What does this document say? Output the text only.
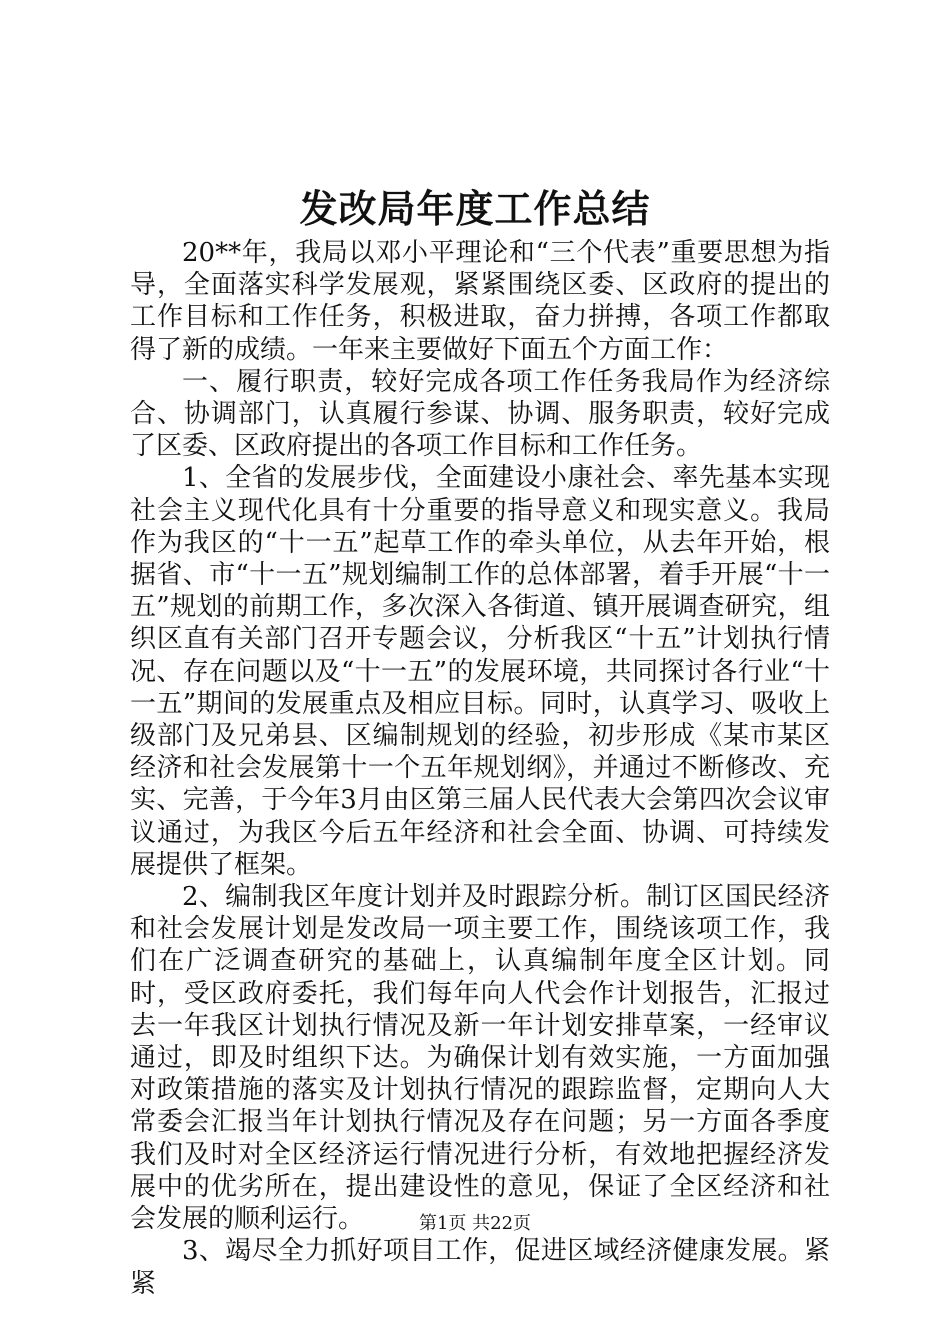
发改局年度工作总结

20**年，我局以邓小平理论和“三个代表”重要思想为指导，全面落实科学发展观，紧紧围绕区委、区政府的提出的工作目标和工作任务，积极进取，奋力拼搏，各项工作都取得了新的成绩。一年来主要做好下面五个方面工作：

一、履行职责，较好完成各项工作任务我局作为经济综合、协调部门，认真履行参谋、协调、服务职责，较好完成了区委、区政府提出的各项工作目标和工作任务。

1、全省的发展步伐，全面建设小康社会、率先基本实现社会主义现代化具有十分重要的指导意义和现实意义。我局作为我区的“十一五”起草工作的牵头单位，从去年开始，根据省、市“十一五”规划编制工作的总体部署，着手开展“十一五”规划的前期工作，多次深入各街道、镇开展调查研究，组织区直有关部门召开专题会议，分析我区“十五”计划执行情况、存在问题以及“十一五”的发展环境，共同探讨各行业“十一五”期间的发展重点及相应目标。同时，认真学习、吸收上级部门及兄弟县、区编制规划的经验，初步形成《某市某区经济和社会发展第十一个五年规划纲》，并通过不断修改、充实、完善，于今年3月由区第三届人民代表大会第四次会议审议通过，为我区今后五年经济和社会全面、协调、可持续发展提供了框架。

2、编制我区年度计划并及时跟踪分析。制订区国民经济和社会发展计划是发改局一项主要工作，围绕该项工作，我们在广泛调查研究的基础上，认真编制年度全区计划。同时，受区政府委托，我们每年向人代会作计划报告，汇报过去一年我区计划执行情况及新一年计划安排草案，一经审议通过，即及时组织下达。为确保计划有效实施，一方面加强对政策措施的落实及计划执行情况的跟踪监督，定期向人大常委会汇报当年计划执行情况及存在问题；另一方面各季度我们及时对全区经济运行情况进行分析，有效地把握经济发展中的优劣所在，提出建设性的意见，保证了全区经济和社会发展的顺利运行。

3、竭尽全力抓好项目工作，促进区域经济健康发展。紧紧

第1页 共22页
